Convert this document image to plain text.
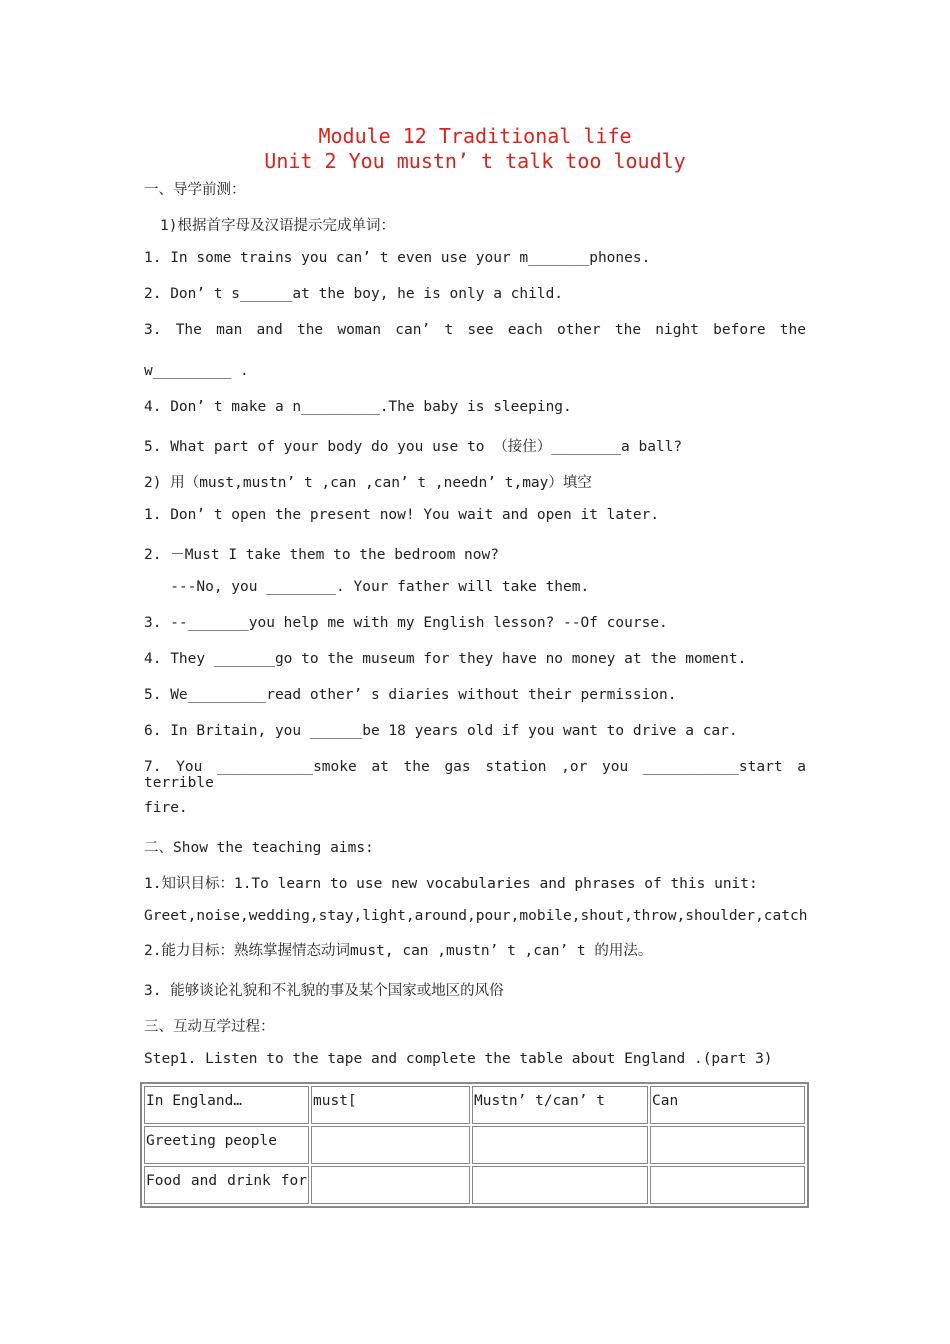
Module 12 Traditional life
Unit 2 You mustn’ t talk too loudly
一、导学前测：
1)根据首字母及汉语提示完成单词：
1. In some trains you can’ t even use your m_______phones.
2. Don’ t s______at the boy, he is only a child.
3. The man and the woman can’ t see each other the night before the
w_________ .
4. Don’ t make a n_________.The baby is sleeping.
5. What part of your body do you use to （接住）________a ball?
2) 用（must,mustn’ t ,can ,can’ t ,needn’ t,may）填空
1. Don’ t open the present now! You wait and open it later.
2. －Must I take them to the bedroom now?
---No, you ________. Your father will take them.
3. --_______you help me with my English lesson? --Of course.
4. They _______go to the museum for they have no money at the moment.
5. We_________read other’ s diaries without their permission.
6. In Britain, you ______be 18 years old if you want to drive a car.
7. You ___________smoke at the gas station ,or you ___________start a terrible
fire.
二、Show the teaching aims:
1.知识目标：1.To learn to use new vocabularies and phrases of this unit:
Greet,noise,wedding,stay,light,around,pour,mobile,shout,throw,shoulder,catch
2.能力目标：熟练掌握情态动词must, can ,mustn’ t ,can’ t 的用法。
3. 能够谈论礼貌和不礼貌的事及某个国家或地区的风俗
三、互动互学过程：
Step1. Listen to the tape and complete the table about England .(part 3)
In England…	must[	Mustn’ t/can’ t	Can
Greeting people			
Food and drink for			
